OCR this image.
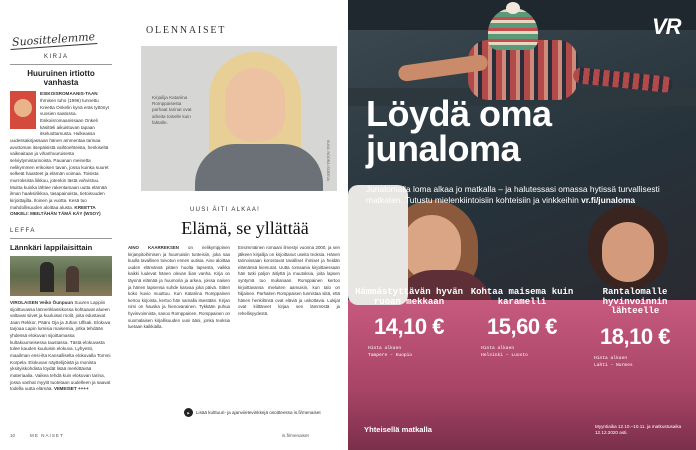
Suosittelemme
KIRJA
Huuruinen irtiotto vanhasta

ESIKOISROMAANIS-TAAN Ihmisen tuho (1996) tunnettu Kreetta Onkelin kynä eräs tyttönyt vuosien saatossa. Esikoisromaanissaan Onkeli käsitteli aikuistuvan tapaan itseluottamusta. Hulkeassa uudessakirjassaan hänen ammentaa tarinaa avuttoman itsepäisistä vaihtoehteista, henkiseltä vaikeaitaan ja vihanhuuruisesta selviytymistarinoista. Pauanan meinetta nelikymmen erikoisen tavan, jossa kuinka suuret selkeät haasteet ja elämän voimaa. Toisista murroksista liikkuu, jotenkin tästä vahvistuu. Muitta kuinka lähtee rakentamaan uutta elämää ilman haaksirikkoa, tasapainoista, tietoisuuden kirjoittajilta. Iloinen ja vuotta. Kesä tuo mahdollisuuden aloittaa alusta. KREETTA ONKELI: MEILTÄHÄN TÄMÄ KÄY (WSOY)

LEFFA
Lännkäri lappilaisittain

VIROLAISEN Veiko Õunpuun Suuren Lappiin sijoittuvassa länneriklassikossa kohtaavat alueen valtavat siivet ja kuuluisat roolit, joita edustavat Jaan Rekkor, Pääru Oja ja Juhan Ulfsak. Elokuva tarjoaa Lapin lumisia maisemia, jotka tehdään yhdessä elokuvan sijoittamassa kultakuumeisessa taustassa. Tästä elokuvasta tulee kauden kuuluisin elokuva. Lyhyesti, maailman ensi-ilta Kansalliselta elokuvalla Tommi Korpela. Elokuvan näyttelijöistä ja monista yksityiskohdista löydät lisää merkittävää materiaalia. Vaikea tehdä kuin elokuvan tarina, jossa vanhat myytit tuotetaan uudelleen ja saavat todella uutta elämää. VIIMEISET ++++

OLENNAISET
Kirjailija Katariina Romppaisesta parhaat tarinat ovat aiheita toiselle kuin faktalle.
KUVA: NOORA ISOEEVA
UUSI ÄITI ALKAA!
Elämä, se yllättää

AINO KAARREKSEN on nelikymppinen kirjanpitoihmisen ja huumuisiin tunteisiin, joka saa kuulla tavallisen toivotun ennen uutisia. Aino aloittaa uuden elämänsä pitäen huolta lapsesta, vaikka kaikki luulevat hänen olevan liian vanha. Kirja on täynnä elämää ja huumoria ja arkea, joissa naisen ja hänen lapsensa suhde kasvaa joka päivä. Sitten koko kuvio muuttuu. Kun Katariina Romppainen kertoo kirjoista, kertoo hän samalla itsestään. Kirjan nimi on hauska ja hienovarainen. Tykkään puhua hyvinvoinnista, sanoo Romppainen. Romppainen on suomalaisen kirjallisuuden uusi ääni, jonka teoksia luetaan kaikkialla.

Ensimmäinen romaani ilmestyi vuonna 2000, ja sen jälkeen kirjailija on kirjoittanut useita teoksia. Hänen tarinoissaan korostuvat tavalliset ihmiset ja heidän elämänsä kiemurat. Uutta romaania kirjoittaessaan hän tutki paljon äitiyttä ja muutoksia, joita lapsen syntymä tuo mukanaan. Romppainen kertoo kirjoittavansa mieluiten aamuisin, kun talo on hiljainen. Parhaiten Romppaisen tunnistaa siitä, että hänen henkilönsä ovat eläviä ja uskottavia. Lukijat ovat kiittäneet kirjaa sen lämmöstä ja rehellisyydestä.

▶	Lisää kulttuuri- ja ajanviietevinkkejä osoitteessa is.fi/menaiset
10	ME NAISET	is.fi/menaiset
VR
Löydä oma
junaloma

Junalomalla loma alkaa jo matkalla – ja halutessasi omassa hytissä turvallisesti matkaten. Tutustu mielenkiintoisiin kohteisiin ja vinkkeihin vr.fi/junaloma

Hämmästyttävän hyvän ruoan mekkaan
14,10 €
Hinta alkaen
Tampere – Kuopio
Kohtaa maisema kuin karamelli
15,60 €
Hinta alkaen
Helsinki – Luosto
Rantalomalle hyvinvoinnin lähteelle
18,10 €
Hinta alkaen
Lahti – Nurmes
Yhteisellä matkalla	Myyntiaika 12.10.–10.11. ja matkustusaika 12.12.2020 asti.
